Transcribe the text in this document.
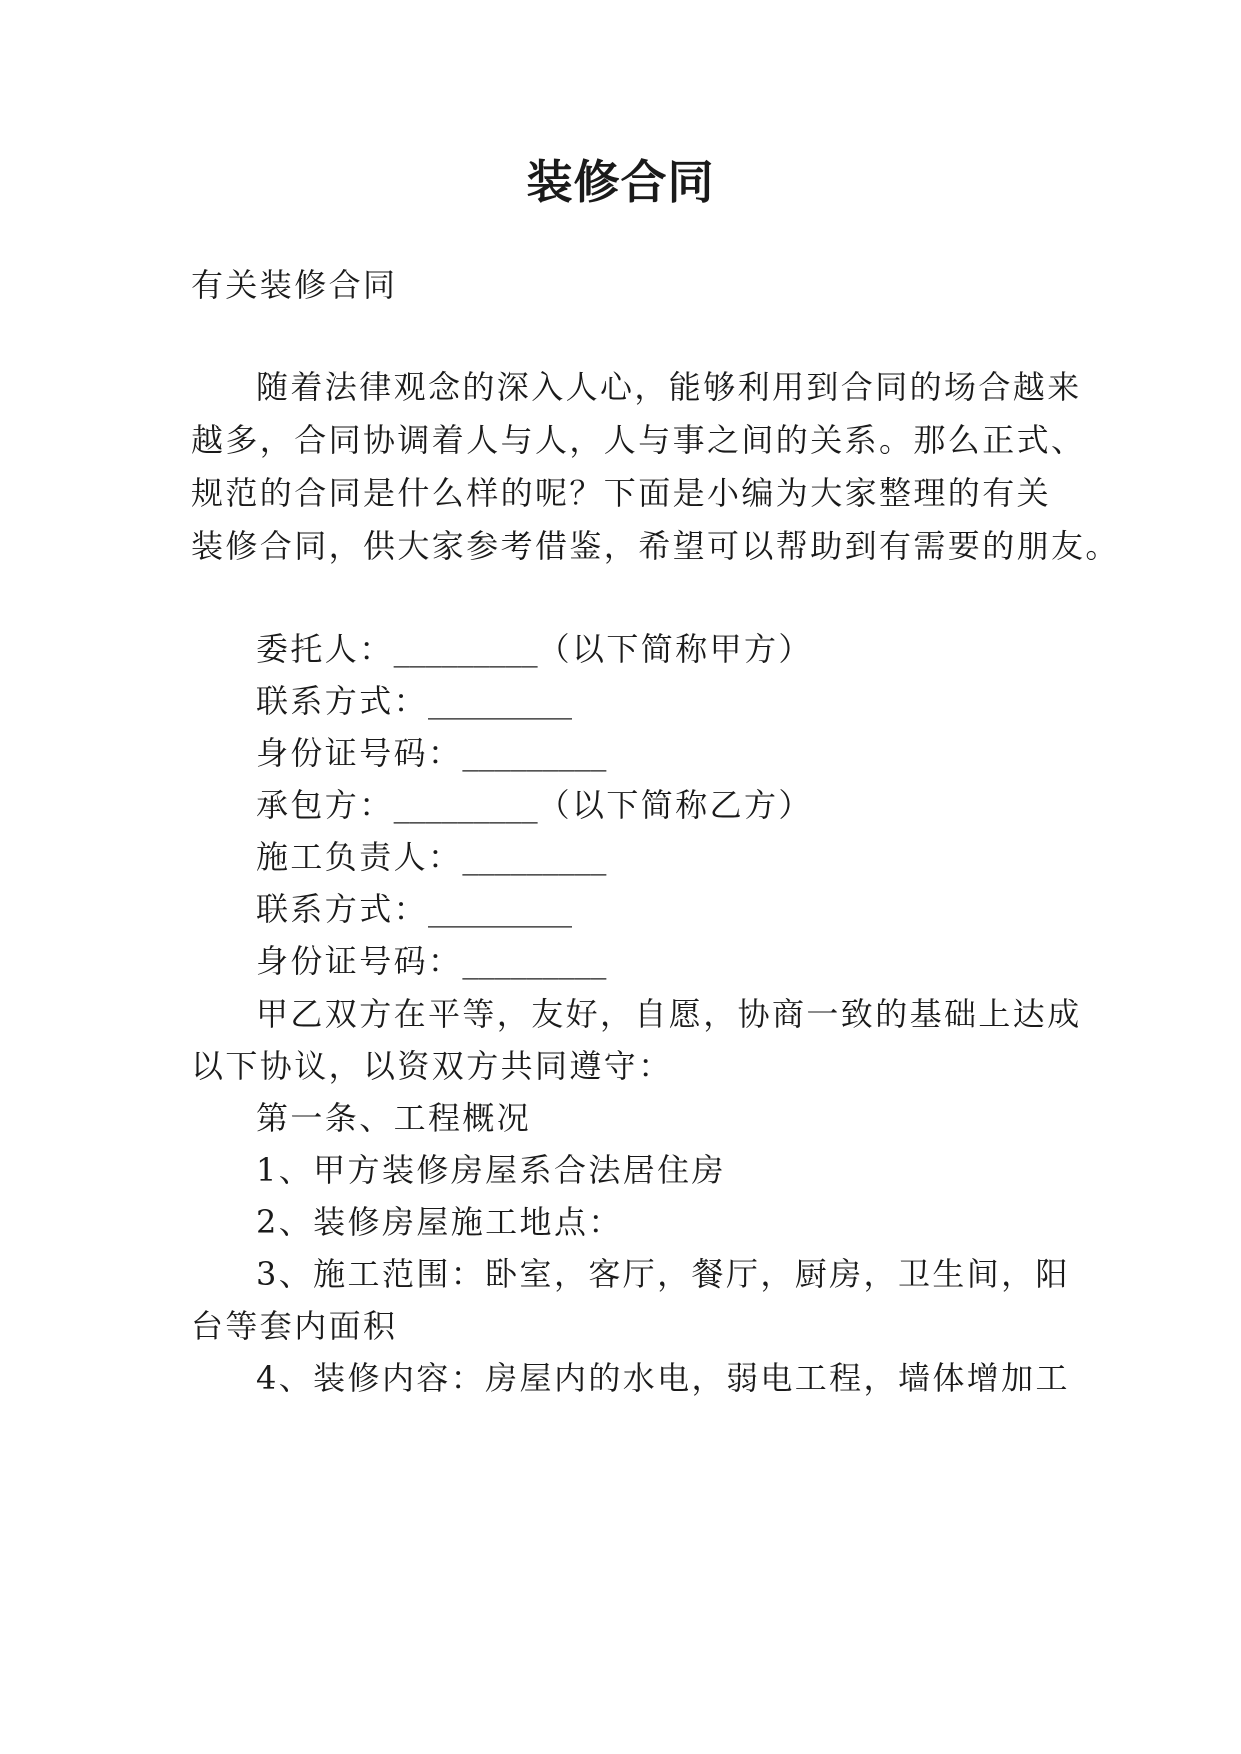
装修合同
有关装修合同
随着法律观念的深入人心，能够利用到合同的场合越来
越多，合同协调着人与人，人与事之间的关系。那么正式、
规范的合同是什么样的呢？下面是小编为大家整理的有关
装修合同，供大家参考借鉴，希望可以帮助到有需要的朋友。
委托人：_________（以下简称甲方）
联系方式：_________
身份证号码：_________
承包方：_________（以下简称乙方）
施工负责人：_________
联系方式：_________
身份证号码：_________
甲乙双方在平等，友好，自愿，协商一致的基础上达成
以下协议，以资双方共同遵守：
第一条、工程概况
1、甲方装修房屋系合法居住房
2、装修房屋施工地点：
3、施工范围：卧室，客厅，餐厅，厨房，卫生间，阳
台等套内面积
4、装修内容：房屋内的水电，弱电工程，墙体增加工
